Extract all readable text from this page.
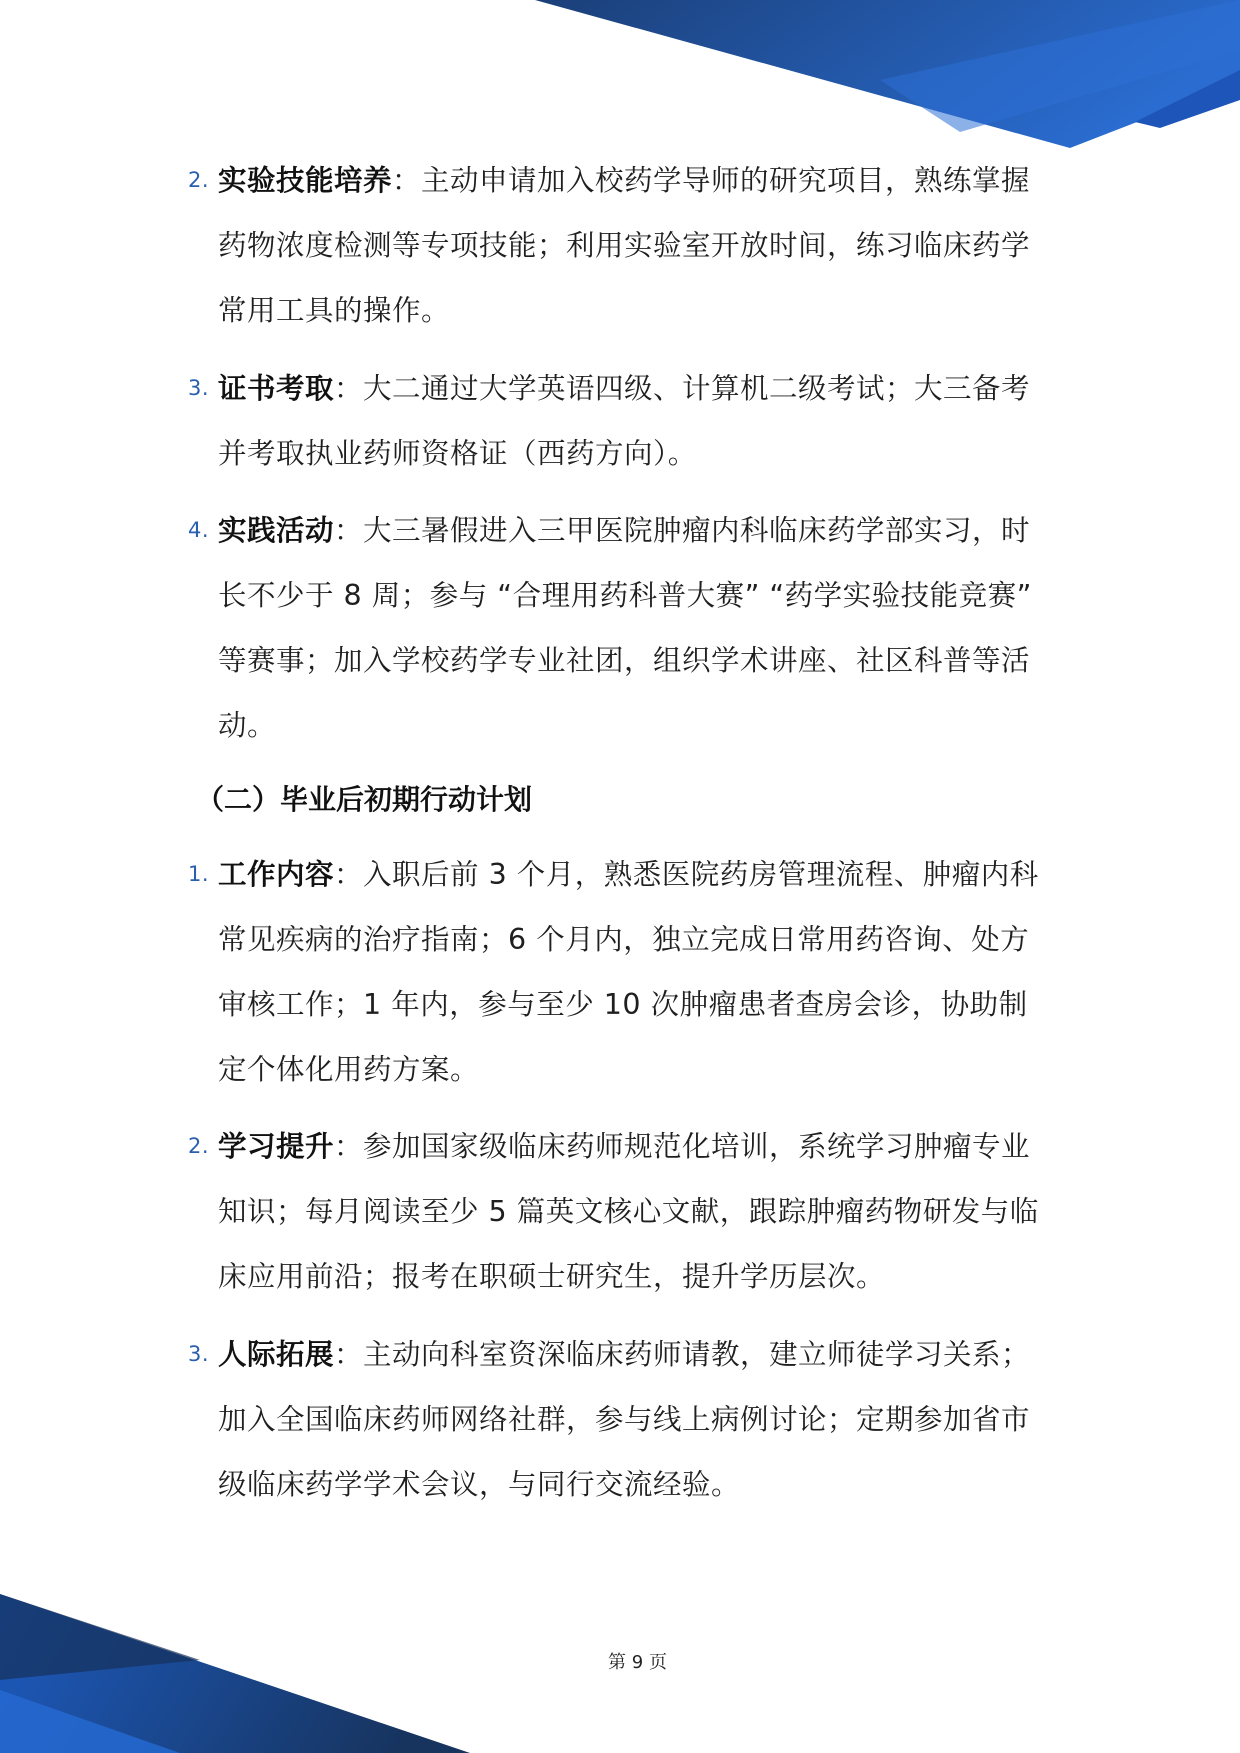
2. 实验技能培养：主动申请加入校药学导师的研究项目，熟练掌握药物浓度检测等专项技能；利用实验室开放时间，练习临床药学常用工具的操作。
3. 证书考取：大二通过大学英语四级、计算机二级考试；大三备考并考取执业药师资格证（西药方向）。
4. 实践活动：大三暑假进入三甲医院肿瘤内科临床药学部实习，时长不少于 8 周；参与 “合理用药科普大赛” “药学实验技能竞赛” 等赛事；加入学校药学专业社团，组织学术讲座、社区科普等活动。
（二）毕业后初期行动计划
1. 工作内容：入职后前 3 个月，熟悉医院药房管理流程、肿瘤内科常见疾病的治疗指南；6 个月内，独立完成日常用药咨询、处方审核工作；1 年内，参与至少 10 次肿瘤患者查房会诊，协助制定个体化用药方案。
2. 学习提升：参加国家级临床药师规范化培训，系统学习肿瘤专业知识；每月阅读至少 5 篇英文核心文献，跟踪肿瘤药物研发与临床应用前沿；报考在职硕士研究生，提升学历层次。
3. 人际拓展：主动向科室资深临床药师请教，建立师徒学习关系；加入全国临床药师网络社群，参与线上病例讨论；定期参加省市级临床药学学术会议，与同行交流经验。
第 9 页
